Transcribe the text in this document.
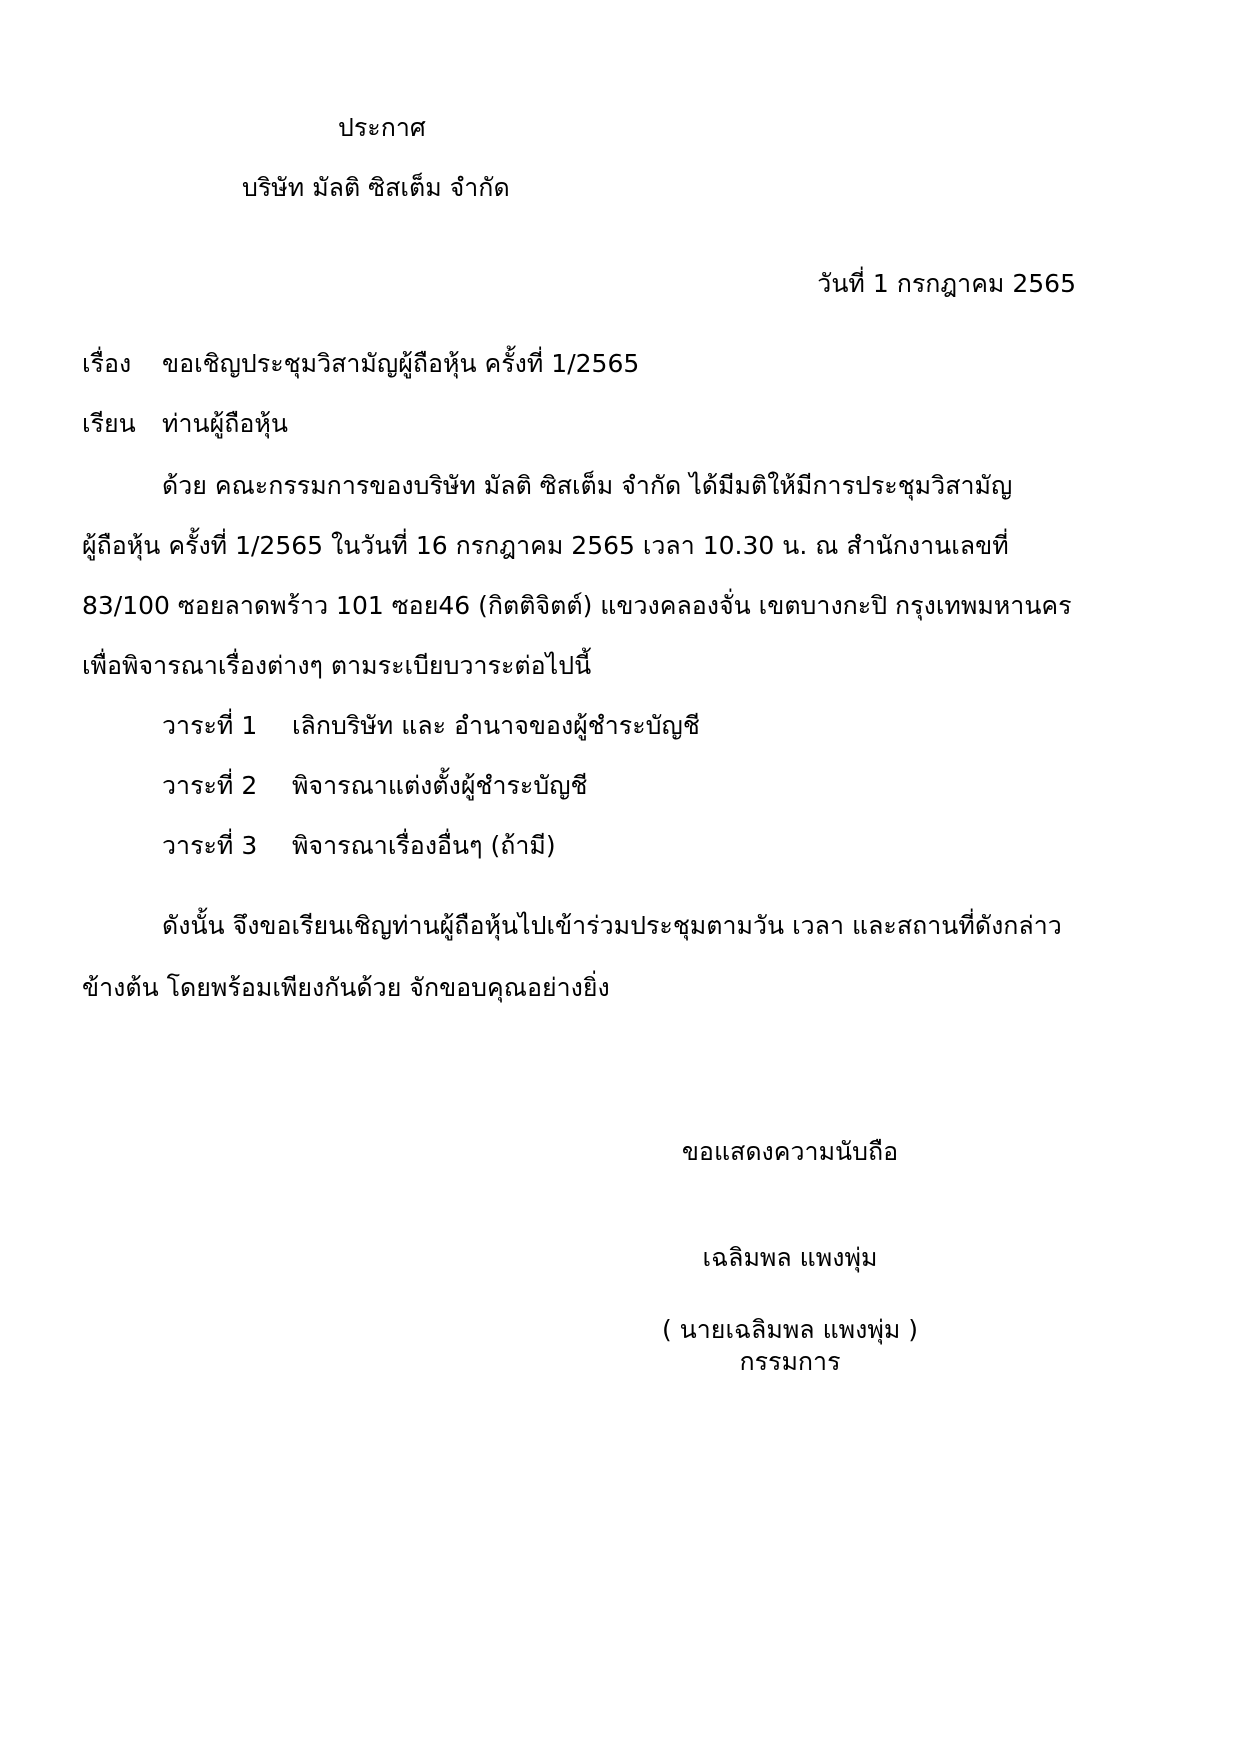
ประกาศ
บริษัท มัลติ ซิสเต็ม จำกัด
วันที่ 1 กรกฎาคม 2565
เรื่อง ขอเชิญประชุมวิสามัญผู้ถือหุ้น ครั้งที่ 1/2565
เรียน ท่านผู้ถือหุ้น
ด้วย คณะกรรมการของบริษัท มัลติ ซิสเต็ม จำกัด ได้มีมติให้มีการประชุมวิสามัญ
ผู้ถือหุ้น ครั้งที่ 1/2565 ในวันที่ 16 กรกฎาคม 2565 เวลา 10.30 น. ณ สำนักงานเลขที่
83/100 ซอยลาดพร้าว 101 ซอย46 (กิตติจิตต์) แขวงคลองจั่น เขตบางกะปิ กรุงเทพมหานคร
เพื่อพิจารณาเรื่องต่างๆ ตามระเบียบวาระต่อไปนี้
วาระที่ 1 เลิกบริษัท และ อำนาจของผู้ชำระบัญชี
วาระที่ 2 พิจารณาแต่งตั้งผู้ชำระบัญชี
วาระที่ 3 พิจารณาเรื่องอื่นๆ (ถ้ามี)
ดังนั้น จึงขอเรียนเชิญท่านผู้ถือหุ้นไปเข้าร่วมประชุมตามวัน เวลา และสถานที่ดังกล่าว
ข้างต้น โดยพร้อมเพียงกันด้วย จักขอบคุณอย่างยิ่ง
ขอแสดงความนับถือ
เฉลิมพล แพงพุ่ม
( นายเฉลิมพล แพงพุ่ม )
กรรมการ
